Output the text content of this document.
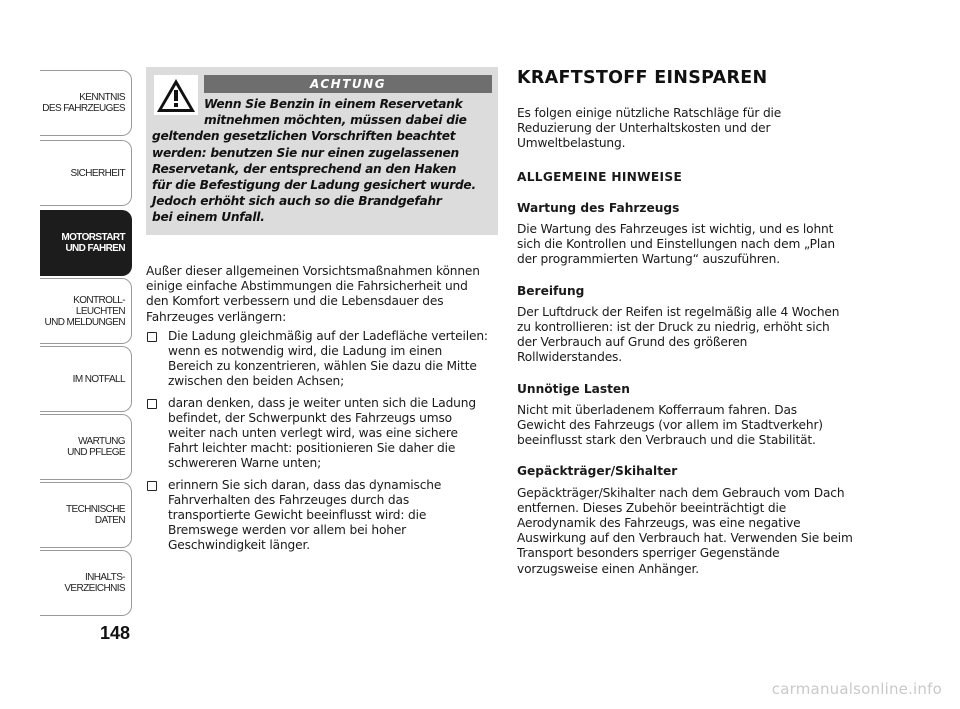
KENNTNIS
DES FAHRZEUGES
SICHERHEIT
MOTORSTART
UND FAHREN
KONTROLL-
LEUCHTEN
UND MELDUNGEN
IM NOTFALL
WARTUNG
UND PFLEGE
TECHNISCHE
DATEN
INHALTS-
VERZEICHNIS
148
ACHTUNG
Wenn Sie Benzin in einem Reservetank
mitnehmen möchten, müssen dabei die
geltenden gesetzlichen Vorschriften beachtet
werden: benutzen Sie nur einen zugelassenen
Reservetank, der entsprechend an den Haken
für die Befestigung der Ladung gesichert wurde.
Jedoch erhöht sich auch so die Brandgefahr
bei einem Unfall.
Außer dieser allgemeinen Vorsichtsmaßnahmen können
einige einfache Abstimmungen die Fahrsicherheit und
den Komfort verbessern und die Lebensdauer des
Fahrzeuges verlängern:
Die Ladung gleichmäßig auf der Ladefläche verteilen:
wenn es notwendig wird, die Ladung im einen
Bereich zu konzentrieren, wählen Sie dazu die Mitte
zwischen den beiden Achsen;
daran denken, dass je weiter unten sich die Ladung
befindet, der Schwerpunkt des Fahrzeugs umso
weiter nach unten verlegt wird, was eine sichere
Fahrt leichter macht: positionieren Sie daher die
schwereren Warne unten;
erinnern Sie sich daran, dass das dynamische
Fahrverhalten des Fahrzeuges durch das
transportierte Gewicht beeinflusst wird: die
Bremswege werden vor allem bei hoher
Geschwindigkeit länger.
KRAFTSTOFF EINSPAREN
Es folgen einige nützliche Ratschläge für die
Reduzierung der Unterhaltskosten und der
Umweltbelastung.
ALLGEMEINE HINWEISE
Wartung des Fahrzeugs
Die Wartung des Fahrzeuges ist wichtig, und es lohnt
sich die Kontrollen und Einstellungen nach dem „Plan
der programmierten Wartung“ auszuführen.
Bereifung
Der Luftdruck der Reifen ist regelmäßig alle 4 Wochen
zu kontrollieren: ist der Druck zu niedrig, erhöht sich
der Verbrauch auf Grund des größeren
Rollwiderstandes.
Unnötige Lasten
Nicht mit überladenem Kofferraum fahren. Das
Gewicht des Fahrzeugs (vor allem im Stadtverkehr)
beeinflusst stark den Verbrauch und die Stabilität.
Gepäckträger/Skihalter
Gepäckträger/Skihalter nach dem Gebrauch vom Dach
entfernen. Dieses Zubehör beeinträchtigt die
Aerodynamik des Fahrzeugs, was eine negative
Auswirkung auf den Verbrauch hat. Verwenden Sie beim
Transport besonders sperriger Gegenstände
vorzugsweise einen Anhänger.
carmanualsonline.info
